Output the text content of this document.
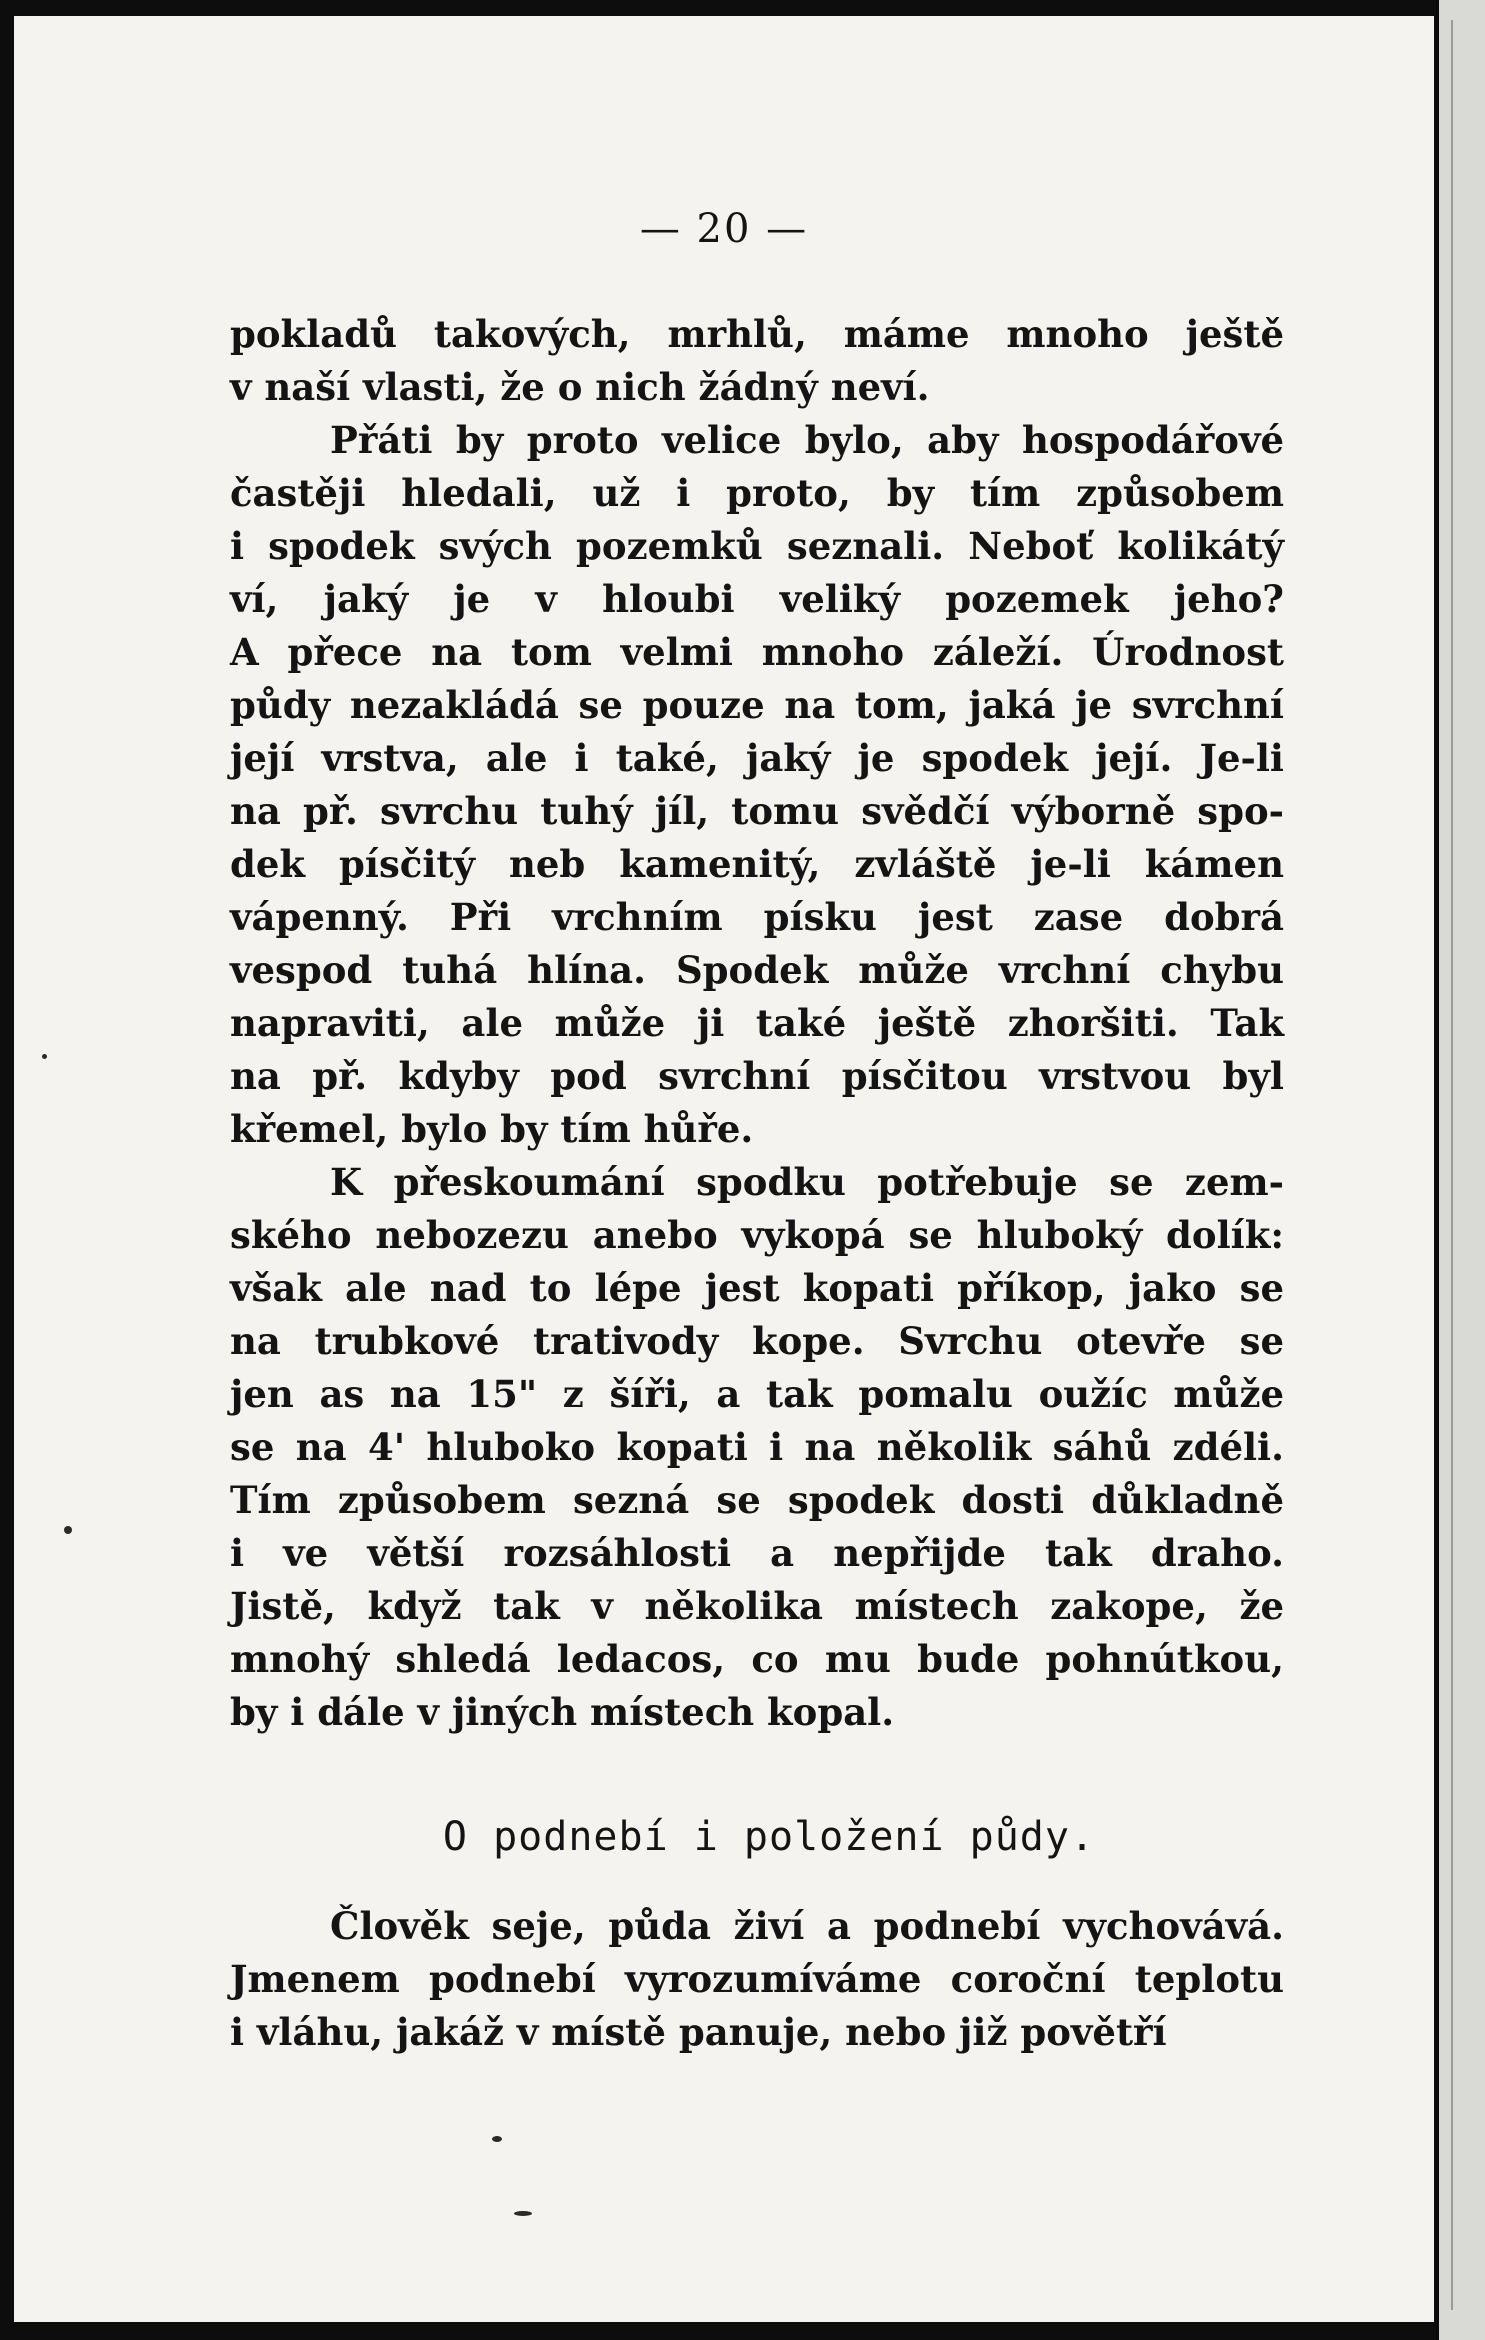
— 20 —

pokladů takových, mrhlů, máme mnoho ještě

v naší vlasti, že o nich žádný neví.

Přáti by proto velice bylo, aby hospodářové

častěji hledali, už i proto, by tím způsobem

i spodek svých pozemků seznali. Neboť kolikátý

ví, jaký je v hloubi veliký pozemek jeho?

A přece na tom velmi mnoho záleží. Úrodnost

půdy nezakládá se pouze na tom, jaká je svrchní

její vrstva, ale i také, jaký je spodek její. Je-li

na př. svrchu tuhý jíl, tomu svědčí výborně spo-

dek písčitý neb kamenitý, zvláště je-li kámen

vápenný. Při vrchním písku jest zase dobrá

vespod tuhá hlína. Spodek může vrchní chybu

napraviti, ale může ji také ještě zhoršiti. Tak

na př. kdyby pod svrchní písčitou vrstvou byl

křemel, bylo by tím hůře.

K přeskoumání spodku potřebuje se zem-

ského nebozezu anebo vykopá se hluboký dolík:

však ale nad to lépe jest kopati příkop, jako se

na trubkové trativody kope. Svrchu otevře se

jen as na 15" z šíři, a tak pomalu oužíc může

se na 4' hluboko kopati i na několik sáhů zdéli.

Tím způsobem sezná se spodek dosti důkladně

i ve větší rozsáhlosti a nepřijde tak draho.

Jistě, když tak v několika místech zakope, že

mnohý shledá ledacos, co mu bude pohnútkou,

by i dále v jiných místech kopal.

O podnebí i položení půdy.

Člověk seje, půda živí a podnebí vychovává.

Jmenem podnebí vyrozumíváme coroční teplotu

i vláhu, jakáž v místě panuje, nebo již povětří
